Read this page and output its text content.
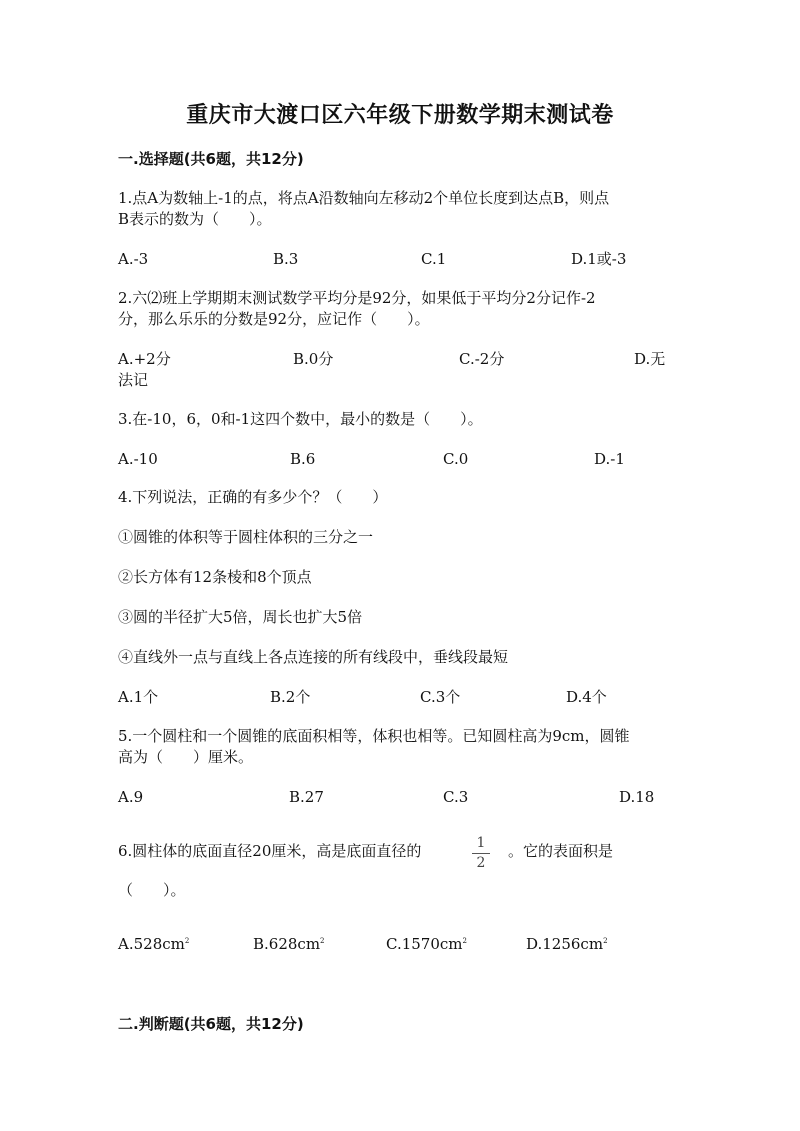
重庆市大渡口区六年级下册数学期末测试卷
一.选择题(共6题，共12分)
1.点A为数轴上-1的点，将点A沿数轴向左移动2个单位长度到达点B，则点
B表示的数为（　　）。
A.-3	B.3	C.1	D.1或-3
2.六⑵班上学期期末测试数学平均分是92分，如果低于平均分2分记作-2
分，那么乐乐的分数是92分，应记作（　　）。
A.+2分	B.0分	C.-2分	D.无
法记
3.在-10，6，0和-1这四个数中，最小的数是（　　）。
A.-10	B.6	C.0	D.-1
4.下列说法，正确的有多少个？（　　）
①圆锥的体积等于圆柱体积的三分之一
②长方体有12条棱和8个顶点
③圆的半径扩大5倍，周长也扩大5倍
④直线外一点与直线上各点连接的所有线段中，垂线段最短
A.1个	B.2个	C.3个	D.4个
5.一个圆柱和一个圆锥的底面积相等，体积也相等。已知圆柱高为9cm，圆锥
高为（　　）厘米。
A.9	B.27	C.3	D.18
6.圆柱体的底面直径20厘米，高是底面直径的	$\frac{1}{2}$ 。它的表面积是
（　　）。
$A.528cm^2$	$B.628cm^2$	$C.1570cm^2$	$D.1256cm^2$
二.判断题(共6题，共12分)
